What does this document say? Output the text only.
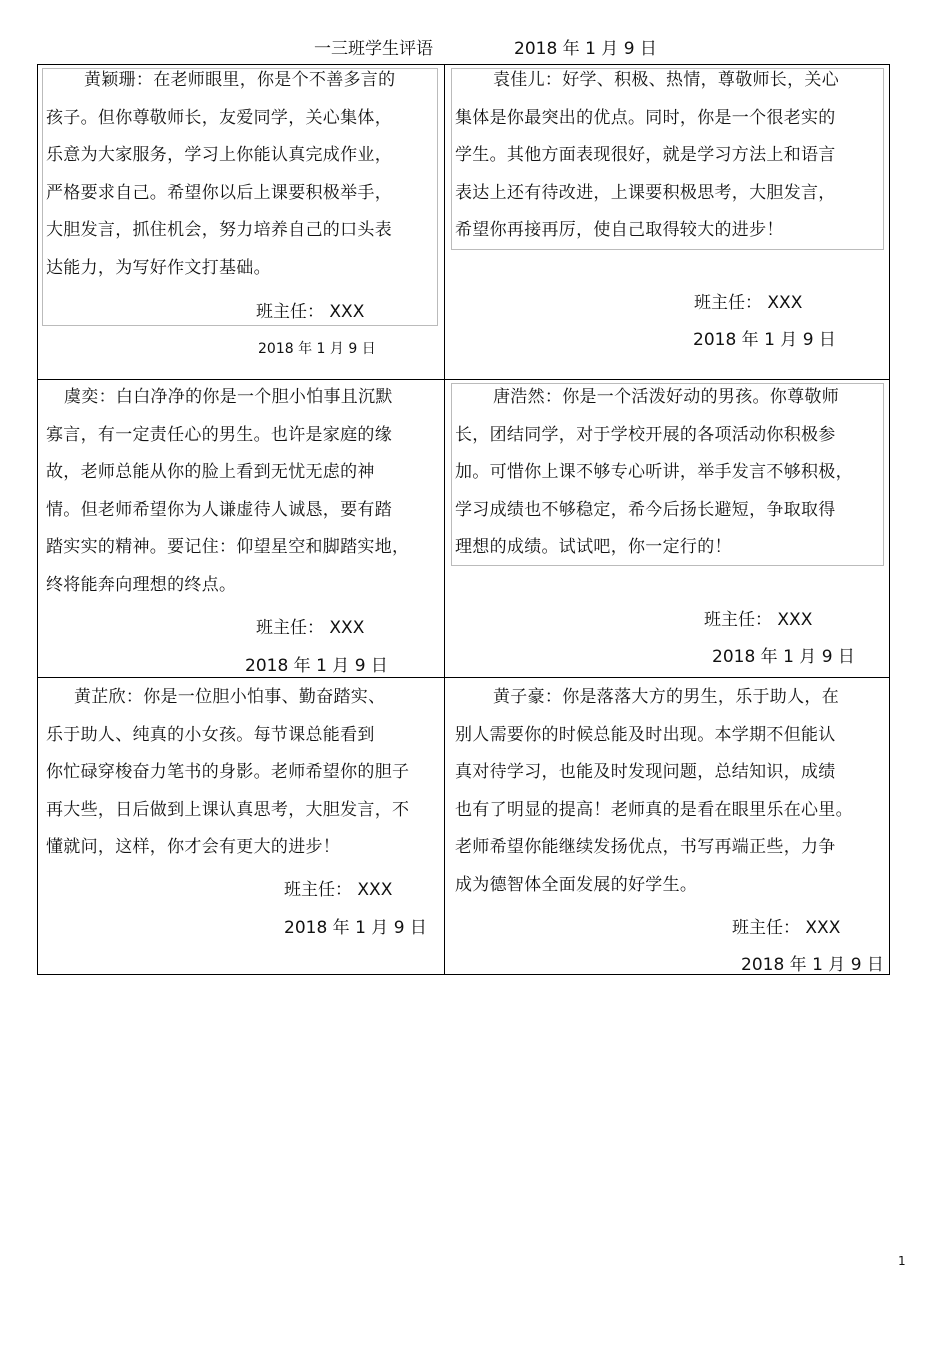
一三班学生评语	2018 年 1 月 9 日
黄颖珊：在老师眼里，你是个不善多言的
孩子。但你尊敬师长，友爱同学，关心集体，
乐意为大家服务，学习上你能认真完成作业，
严格要求自己。希望你以后上课要积极举手，
大胆发言，抓住机会，努力培养自己的口头表
达能力，为写好作文打基础。
班主任： XXX
2018 年 1 月 9 日
袁佳儿：好学、积极、热情，尊敬师长，关心
集体是你最突出的优点。同时，你是一个很老实的
学生。其他方面表现很好，就是学习方法上和语言
表达上还有待改进，上课要积极思考，大胆发言，
希望你再接再厉，使自己取得较大的进步！
班主任： XXX
2018 年 1 月 9 日
虞奕：白白净净的你是一个胆小怕事且沉默
寡言，有一定责任心的男生。也许是家庭的缘
故，老师总能从你的脸上看到无忧无虑的神
情。但老师希望你为人谦虚待人诚恳，要有踏
踏实实的精神。要记住：仰望星空和脚踏实地，
终将能奔向理想的终点。
班主任： XXX
2018 年 1 月 9 日
唐浩然：你是一个活泼好动的男孩。你尊敬师
长，团结同学，对于学校开展的各项活动你积极参
加。可惜你上课不够专心听讲，举手发言不够积极，
学习成绩也不够稳定，希今后扬长避短，争取取得
理想的成绩。试试吧，你一定行的！
班主任： XXX
2018 年 1 月 9 日
黄芷欣：你是一位胆小怕事、勤奋踏实、
乐于助人、纯真的小女孩。每节课总能看到
你忙碌穿梭奋力笔书的身影。老师希望你的胆子
再大些，日后做到上课认真思考，大胆发言，不
懂就问，这样，你才会有更大的进步！
班主任： XXX
2018 年 1 月 9 日
黄子豪：你是落落大方的男生，乐于助人，在
别人需要你的时候总能及时出现。本学期不但能认
真对待学习，也能及时发现问题，总结知识，成绩
也有了明显的提高！老师真的是看在眼里乐在心里。
老师希望你能继续发扬优点，书写再端正些，力争
成为德智体全面发展的好学生。
班主任： XXX
2018 年 1 月 9 日
1
